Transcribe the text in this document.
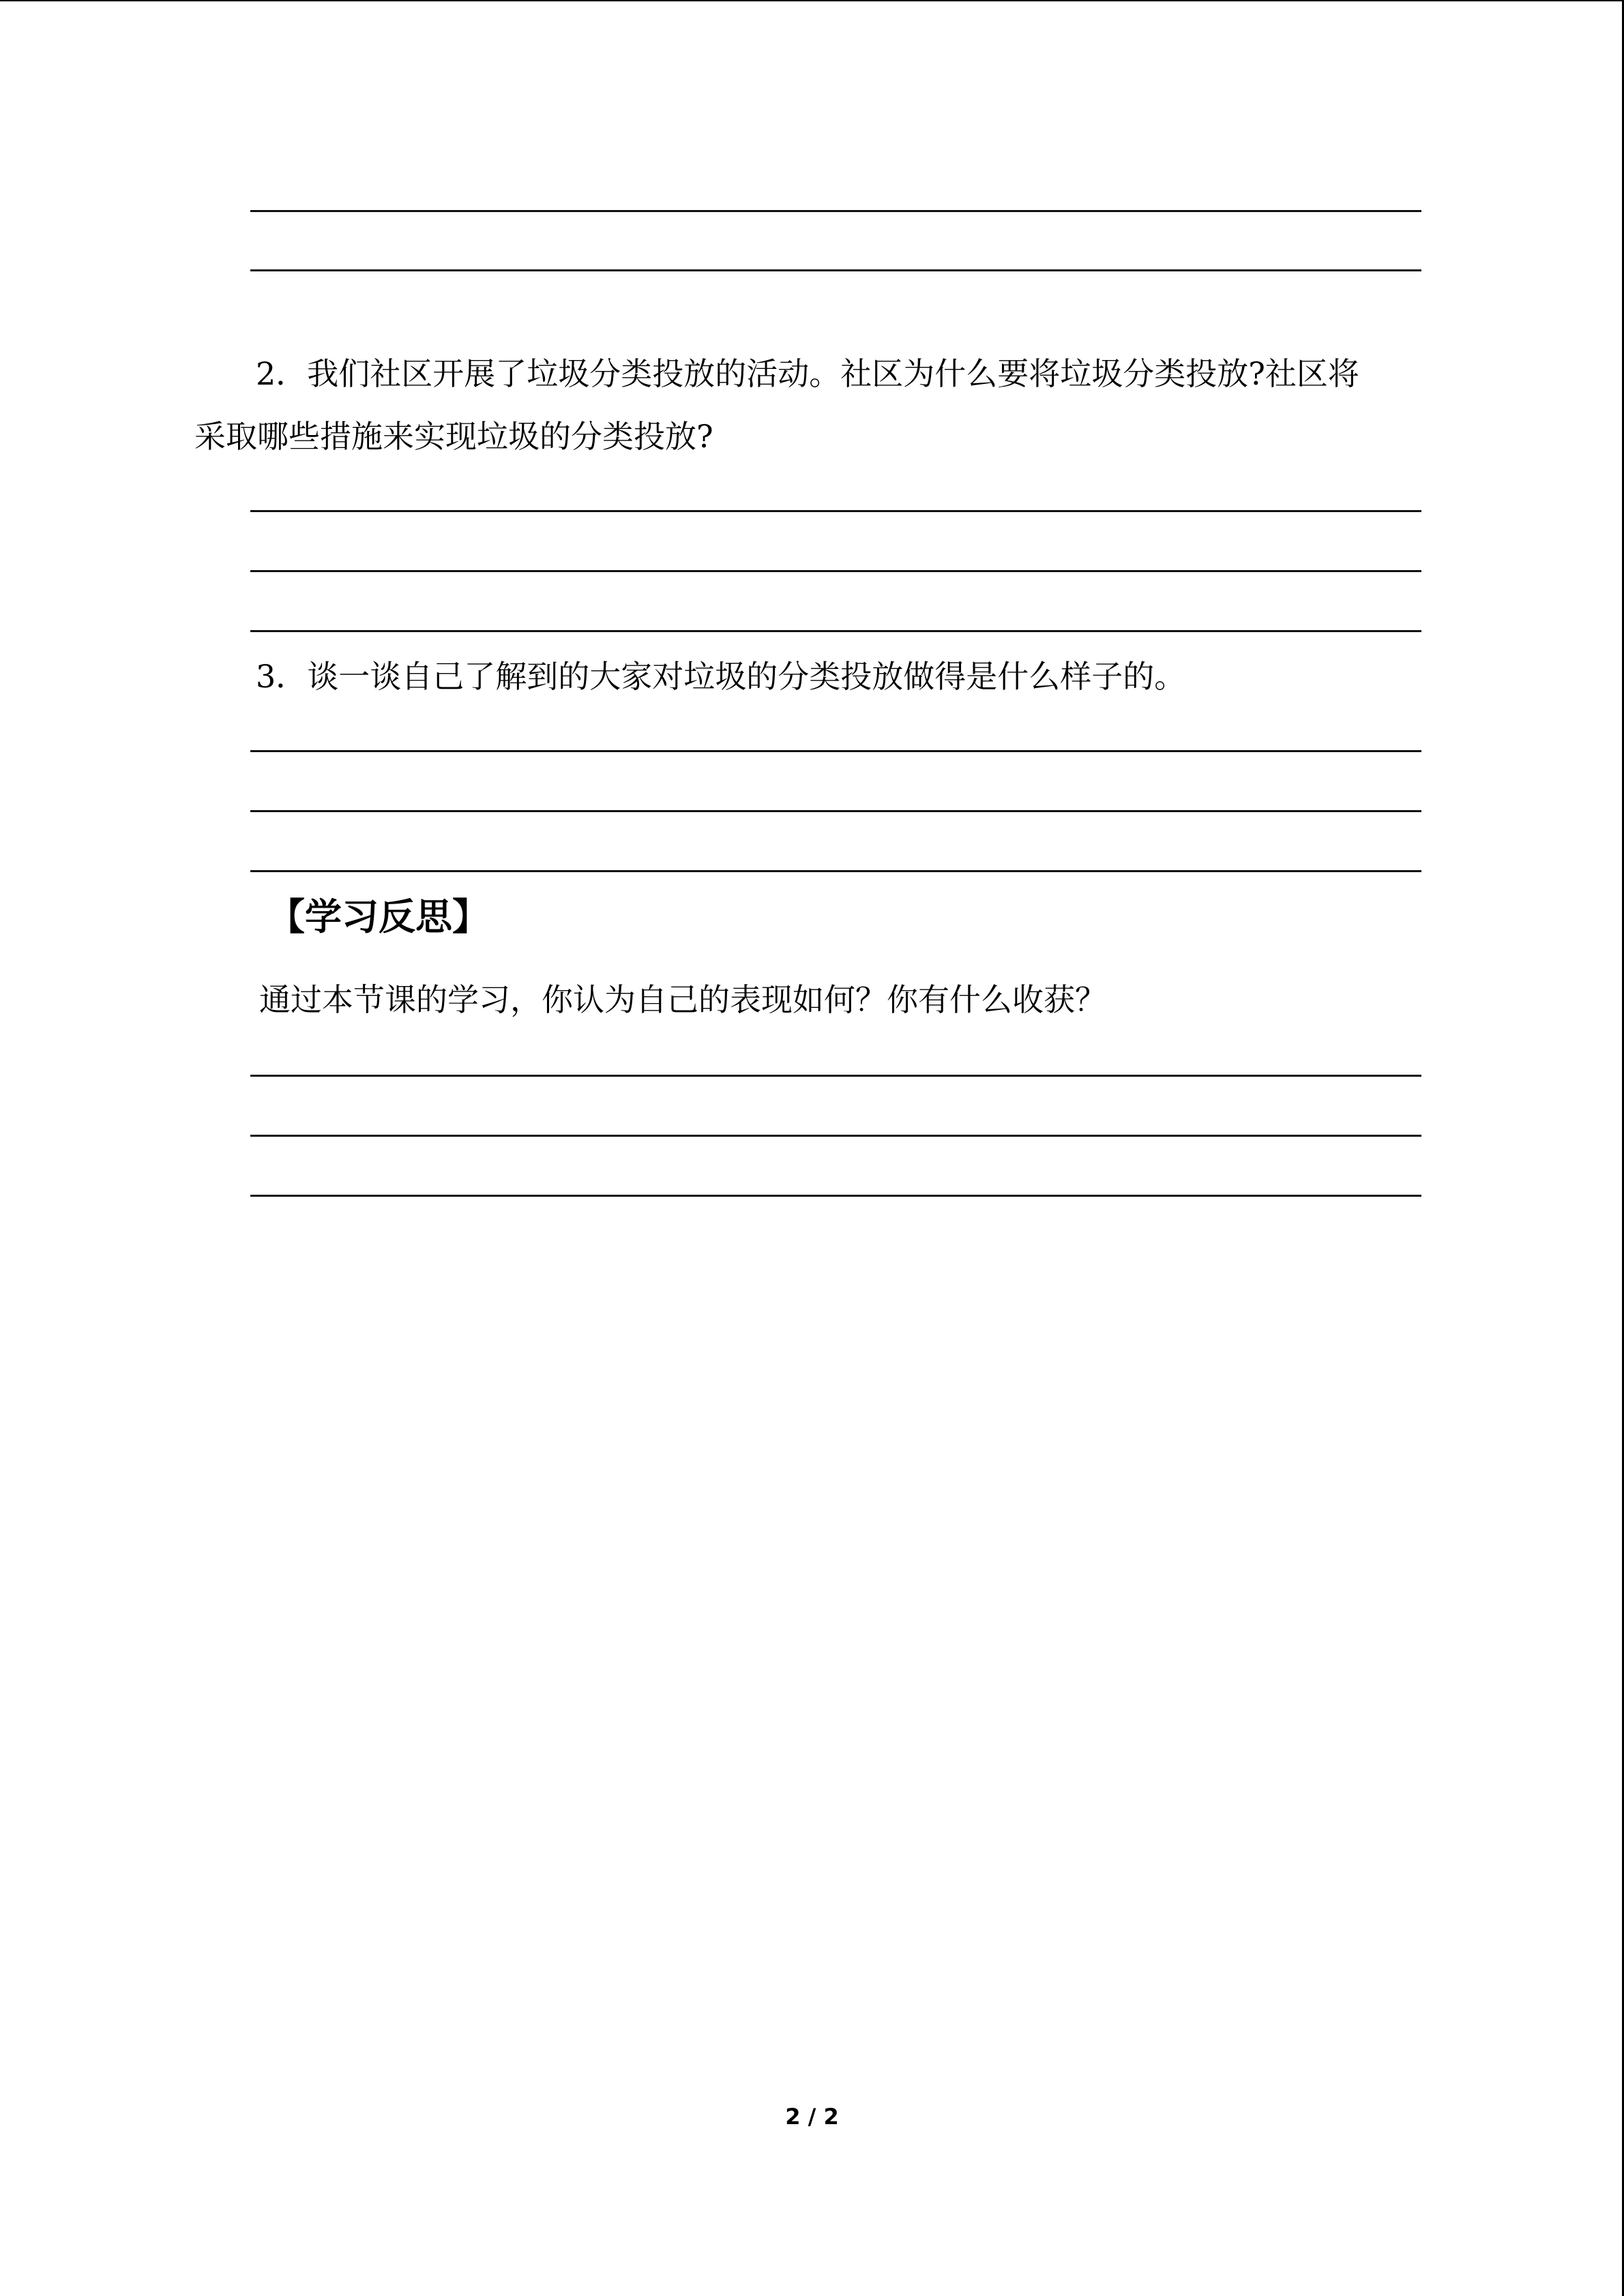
2．我们社区开展了垃圾分类投放的活动。社区为什么要将垃圾分类投放?社区将
采取哪些措施来实现垃圾的分类投放?
3．谈一谈自己了解到的大家对垃圾的分类投放做得是什么样子的。
【学习反思】
通过本节课的学习，你认为自己的表现如何？你有什么收获？
2 / 2
